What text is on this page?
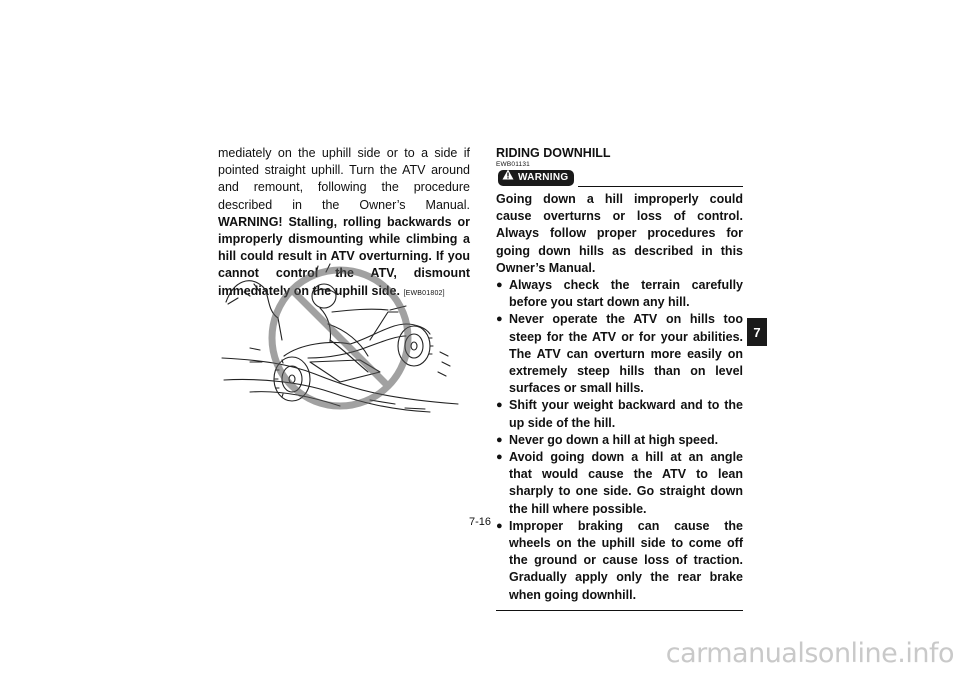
mediately on the uphill side or to a side if pointed straight uphill. Turn the ATV around and remount, following the procedure described in the Owner’s Manual. WARNING! Stalling, rolling backwards or improperly dismounting while climbing a hill could result in ATV overturning. If you cannot control the ATV, dismount immediately on the uphill side. [EWB01802]

RIDING DOWNHILL

EWB01131

WARNING

Going down a hill improperly could cause overturns or loss of control. Always follow proper procedures for going down hills as described in this Owner’s Manual.

● Always check the terrain carefully before you start down any hill.
● Never operate the ATV on hills too steep for the ATV or for your abilities. The ATV can overturn more easily on extremely steep hills than on level surfaces or small hills.
● Shift your weight backward and to the up side of the hill.
● Never go down a hill at high speed.
● Avoid going down a hill at an angle that would cause the ATV to lean sharply to one side. Go straight down the hill where possible.
● Improper braking can cause the wheels on the uphill side to come off the ground or cause loss of traction. Gradually apply only the rear brake when going downhill.
7
7-16
carmanualsonline.info
